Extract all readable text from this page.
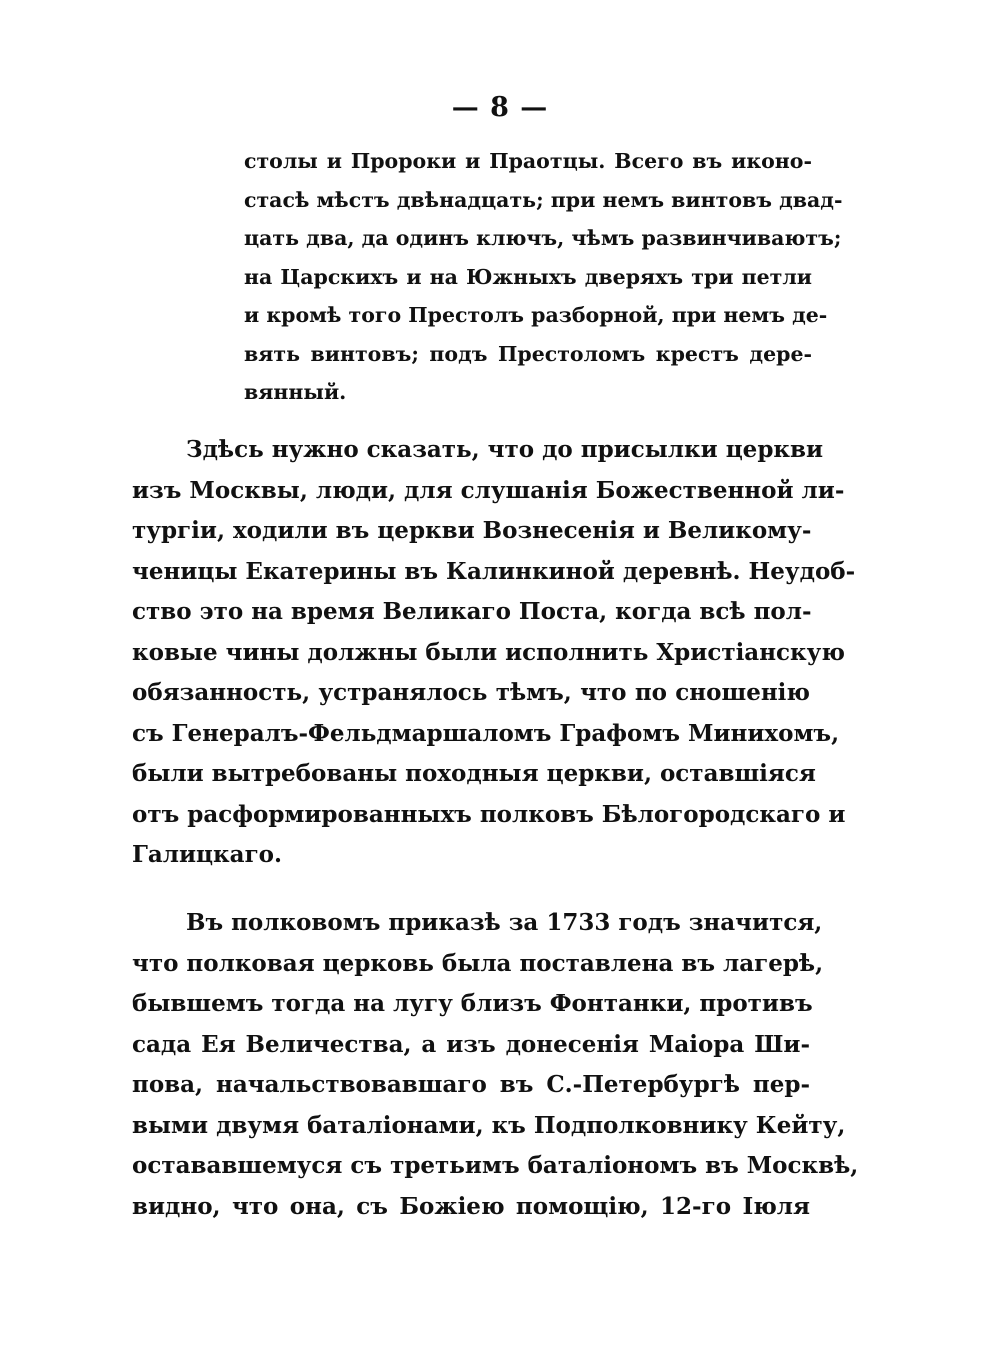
— 8 —
столы и Пророки и Праотцы. Всего въ иконо-
стасѣ мѣстъ двѣнадцать; при немъ винтовъ двад-
цать два, да одинъ ключъ, чѣмъ развинчиваютъ;
на Царскихъ и на Южныхъ дверяхъ три петли
и кромѣ того Престолъ разборной, при немъ де-
вять винтовъ; подъ Престоломъ крестъ дере-
вянный.
Здѣсь нужно сказать, что до присылки церкви
изъ Москвы, люди, для слушанія Божественной ли-
тургіи, ходили въ церкви Вознесенія и Великому-
ченицы Екатерины въ Калинкиной деревнѣ. Неудоб-
ство это на время Великаго Поста, когда всѣ пол-
ковые чины должны были исполнить Христіанскую
обязанность, устранялось тѣмъ, что по сношенію
съ Генералъ-Фельдмаршаломъ Графомъ Минихомъ,
были вытребованы походныя церкви, оставшіяся
отъ расформированныхъ полковъ Бѣлогородскаго и
Галицкаго.
Въ полковомъ приказѣ за 1733 годъ значится,
что полковая церковь была поставлена въ лагерѣ,
бывшемъ тогда на лугу близъ Фонтанки, противъ
сада Ея Величества, а изъ донесенія Маiора Ши-
пова, начальствовавшаго въ С.-Петербургѣ пер-
выми двумя баталіонами, къ Подполковнику Кейту,
остававшемуся съ третьимъ баталіономъ въ Москвѣ,
видно, что она, съ Божіею помощію, 12-го Іюля
